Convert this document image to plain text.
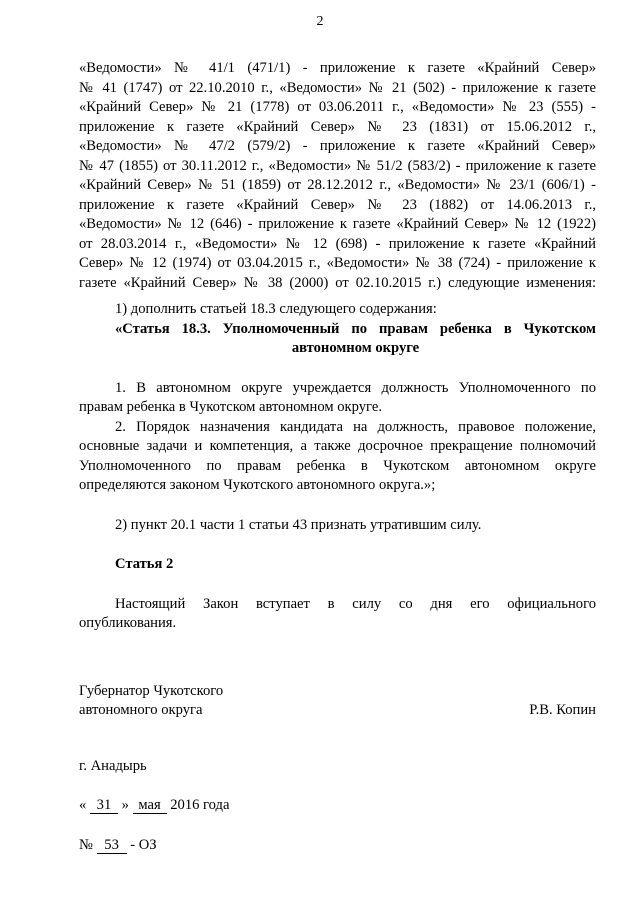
2

«Ведомости» № 41/1 (471/1) - приложение к газете «Крайний Север»

№ 41 (1747) от 22.10.2010 г., «Ведомости» № 21 (502) - приложение к газете

«Крайний Север» № 21 (1778) от 03.06.2011 г., «Ведомости» № 23 (555) -

приложение к газете «Крайний Север» № 23 (1831) от 15.06.2012 г.,

«Ведомости» № 47/2 (579/2) - приложение к газете «Крайний Север»

№ 47 (1855) от 30.11.2012 г., «Ведомости» № 51/2 (583/2) - приложение к газете

«Крайний Север» № 51 (1859) от 28.12.2012 г., «Ведомости» № 23/1 (606/1) -

приложение к газете «Крайний Север» № 23 (1882) от 14.06.2013 г.,

«Ведомости» № 12 (646) - приложение к газете «Крайний Север» № 12 (1922)

от 28.03.2014 г., «Ведомости» № 12 (698) - приложение к газете «Крайний

Север» № 12 (1974) от 03.04.2015 г., «Ведомости» № 38 (724) - приложение к

газете «Крайний Север» № 38 (2000) от 02.10.2015 г.) следующие изменения:

1) дополнить статьей 18.3 следующего содержания:

«Статья 18.3. Уполномоченный по правам ребенка в Чукотском

автономном округе

1. В автономном округе учреждается должность Уполномоченного по

правам ребенка в Чукотском автономном округе.

2. Порядок назначения кандидата на должность, правовое положение,

основные задачи и компетенция, а также досрочное прекращение полномочий

Уполномоченного по правам ребенка в Чукотском автономном округе

определяются законом Чукотского автономного округа.»;

2) пункт 20.1 части 1 статьи 43 признать утратившим силу.

Статья 2

Настоящий Закон вступает в силу со дня его официального

опубликования.

Губернатор Чукотского

автономного округа	Р.В. Копин

г. Анадырь

« 31 » мая 2016 года
№ 53 - ОЗ
